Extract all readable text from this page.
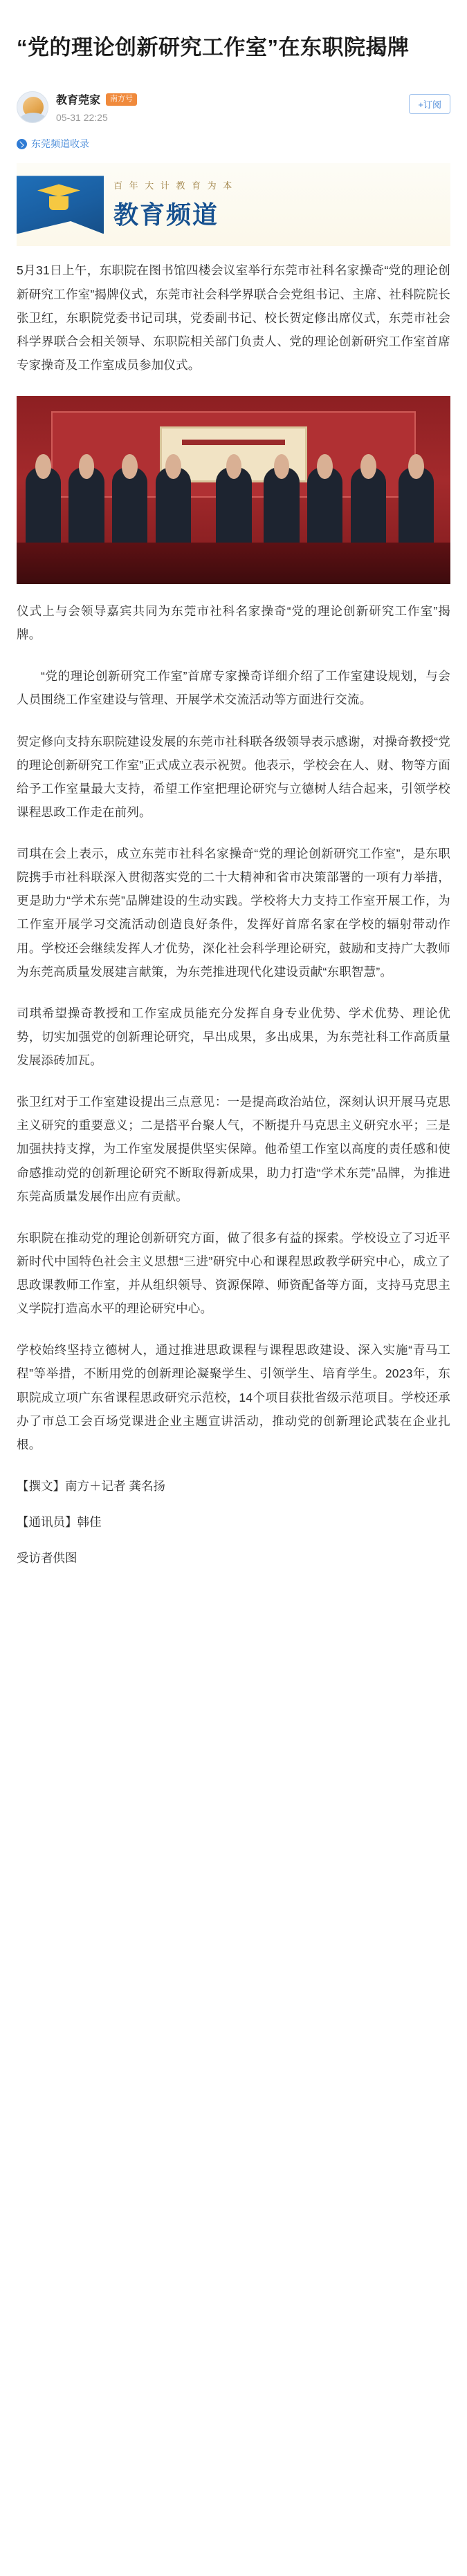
“党的理论创新研究工作室”在东职院揭牌
教育莞家	南方号
05-31 22:25
+订阅
东莞频道收录
百 年 大 计 教 育 为 本
教育频道

5月31日上午，东职院在图书馆四楼会议室举行东莞市社科名家操奇“党的理论创新研究工作室”揭牌仪式，东莞市社会科学界联合会党组书记、主席、社科院院长张卫红，东职院党委书记司琪，党委副书记、校长贺定修出席仪式，东莞市社会科学界联合会相关领导、东职院相关部门负责人、党的理论创新研究工作室首席专家操奇及工作室成员参加仪式。

仪式上与会领导嘉宾共同为东莞市社科名家操奇“党的理论创新研究工作室”揭牌。

“党的理论创新研究工作室”首席专家操奇详细介绍了工作室建设规划，与会人员围绕工作室建设与管理、开展学术交流活动等方面进行交流。

贺定修向支持东职院建设发展的东莞市社科联各级领导表示感谢，对操奇教授“党的理论创新研究工作室”正式成立表示祝贺。他表示，学校会在人、财、物等方面给予工作室量最大支持，希望工作室把理论研究与立德树人结合起来，引领学校课程思政工作走在前列。

司琪在会上表示，成立东莞市社科名家操奇“党的理论创新研究工作室”，是东职院携手市社科联深入贯彻落实党的二十大精神和省市决策部署的一项有力举措，更是助力“学术东莞”品牌建设的生动实践。学校将大力支持工作室开展工作，为工作室开展学习交流活动创造良好条件，发挥好首席名家在学校的辐射带动作用。学校还会继续发挥人才优势，深化社会科学理论研究，鼓励和支持广大教师为东莞高质量发展建言献策，为东莞推进现代化建设贡献“东职智慧”。

司琪希望操奇教授和工作室成员能充分发挥自身专业优势、学术优势、理论优势，切实加强党的创新理论研究，早出成果，多出成果，为东莞社科工作高质量发展添砖加瓦。

张卫红对于工作室建设提出三点意见：一是提高政治站位，深刻认识开展马克思主义研究的重要意义；二是搭平台聚人气，不断提升马克思主义研究水平；三是加强扶持支撑，为工作室发展提供坚实保障。他希望工作室以高度的责任感和使命感推动党的创新理论研究不断取得新成果，助力打造“学术东莞”品牌，为推进东莞高质量发展作出应有贡献。

东职院在推动党的理论创新研究方面，做了很多有益的探索。学校设立了习近平新时代中国特色社会主义思想“三进”研究中心和课程思政教学研究中心，成立了思政课教师工作室，并从组织领导、资源保障、师资配备等方面，支持马克思主义学院打造高水平的理论研究中心。

学校始终坚持立德树人，通过推进思政课程与课程思政建设、深入实施“青马工程”等举措，不断用党的创新理论凝聚学生、引领学生、培育学生。2023年，东职院成立项广东省课程思政研究示范校，14个项目获批省级示范项目。学校还承办了市总工会百场党课进企业主题宣讲活动，推动党的创新理论武装在企业扎根。

【撰文】南方＋记者 龚名扬

【通讯员】韩佳

受访者供图
